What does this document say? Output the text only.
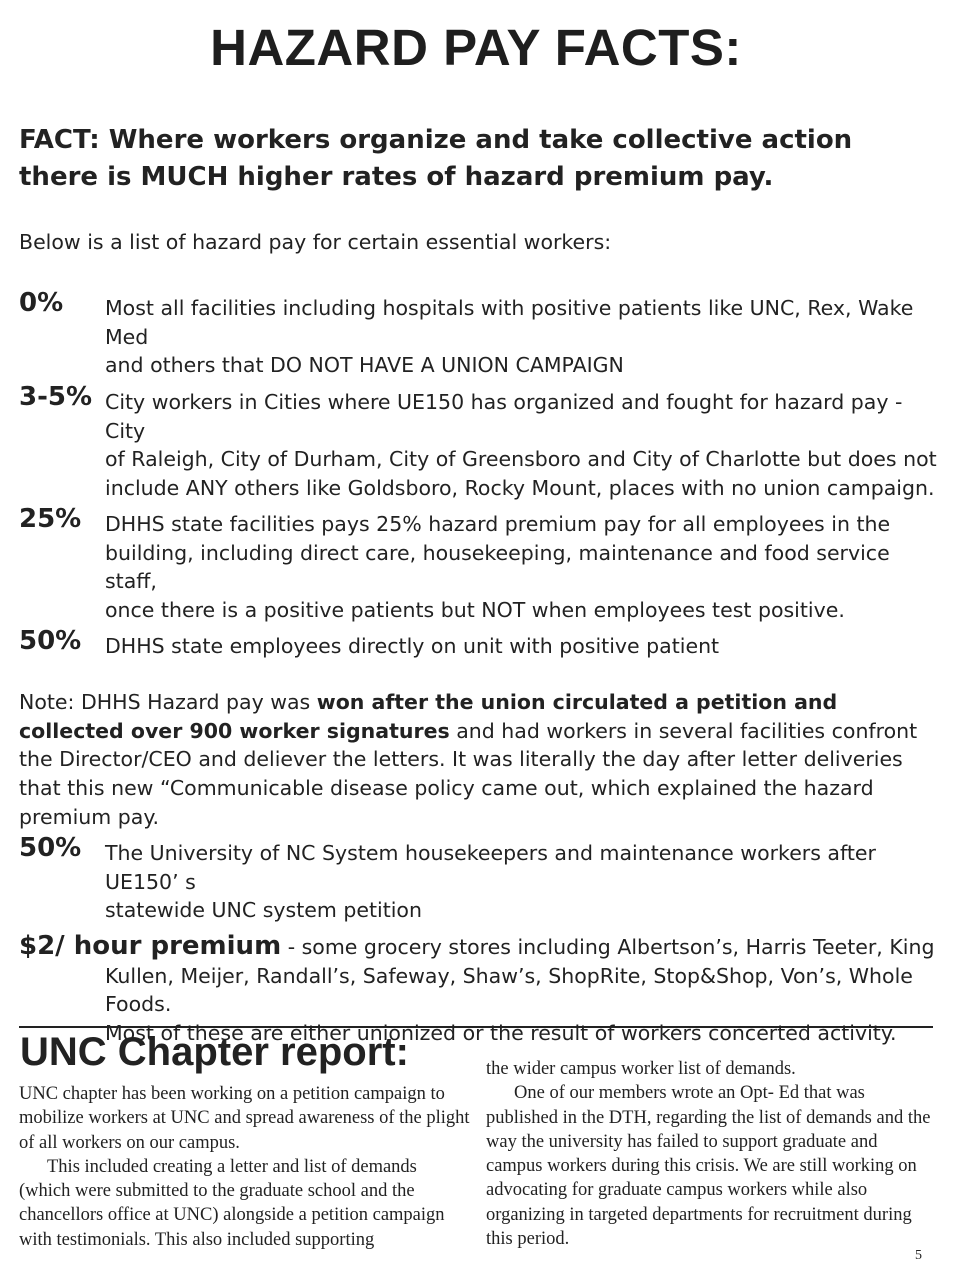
HAZARD PAY FACTS:
FACT: Where workers organize and take collective action there is MUCH higher rates of hazard premium pay.
Below is a list of hazard pay for certain essential workers:
0% Most all facilities including hospitals with positive patients like UNC, Rex, Wake Med
and others that DO NOT HAVE A UNION CAMPAIGN
3-5% City workers in Cities where UE150 has organized and fought for hazard pay - City
of Raleigh, City of Durham, City of Greensboro and City of Charlotte but does not
include ANY others like Goldsboro, Rocky Mount, places with no union campaign.
25% DHHS state facilities pays 25% hazard premium pay for all employees in the
building, including direct care, housekeeping, maintenance and food service staff,
once there is a positive patients but NOT when employees test positive.
50% DHHS state employees directly on unit with positive patient
Note: DHHS Hazard pay was won after the union circulated a petition and collected over 900 worker signatures and had workers in several facilities confront the Director/CEO and deliever the letters. It was literally the day after letter deliveries that this new “Communicable disease policy came out, which explained the hazard premium pay.
50% The University of NC System housekeepers and maintenance workers after UE150’ s
statewide UNC system petition
$2/ hour premium - some grocery stores including Albertson’s, Harris Teeter, King
Kullen, Meijer, Randall’s, Safeway, Shaw’s, ShopRite, Stop&Shop, Von’s, Whole Foods.
Most of these are either unionized or the result of workers concerted activity.
UNC Chapter report:

UNC chapter has been working on a petition campaign to mobilize workers at UNC and spread awareness of the plight of all workers on our campus.

This included creating a letter and list of demands (which were submitted to the graduate school and the chancellors office at UNC) alongside a petition campaign with testimonials. This also included supporting

the wider campus worker list of demands.

One of our members wrote an Opt- Ed that was published in the DTH, regarding the list of demands and the way the university has failed to support graduate and campus workers during this crisis. We are still working on advocating for graduate campus workers while also organizing in targeted departments for recruitment during this period.

5
